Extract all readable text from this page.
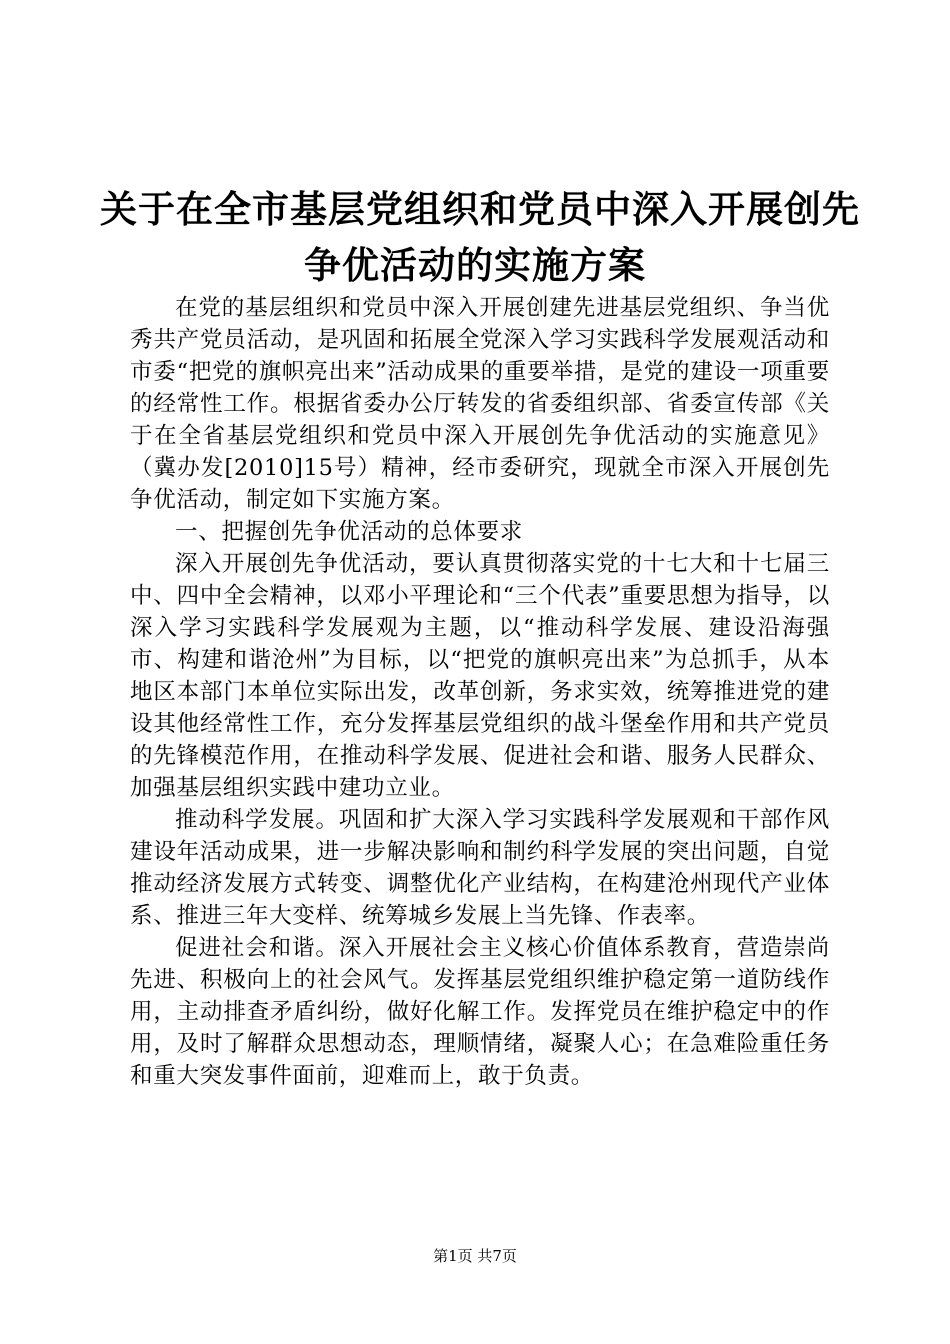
关于在全市基层党组织和党员中深入开展创先
争优活动的实施方案

在党的基层组织和党员中深入开展创建先进基层党组织、争当优秀共产党员活动，是巩固和拓展全党深入学习实践科学发展观活动和市委“把党的旗帜亮出来”活动成果的重要举措，是党的建设一项重要的经常性工作。根据省委办公厅转发的省委组织部、省委宣传部《关于在全省基层党组织和党员中深入开展创先争优活动的实施意见》（冀办发[2010]15号）精神，经市委研究，现就全市深入开展创先争优活动，制定如下实施方案。

一、把握创先争优活动的总体要求

深入开展创先争优活动，要认真贯彻落实党的十七大和十七届三中、四中全会精神，以邓小平理论和“三个代表”重要思想为指导，以深入学习实践科学发展观为主题，以“推动科学发展、建设沿海强市、构建和谐沧州”为目标，以“把党的旗帜亮出来”为总抓手，从本地区本部门本单位实际出发，改革创新，务求实效，统筹推进党的建设其他经常性工作，充分发挥基层党组织的战斗堡垒作用和共产党员的先锋模范作用，在推动科学发展、促进社会和谐、服务人民群众、加强基层组织实践中建功立业。

推动科学发展。巩固和扩大深入学习实践科学发展观和干部作风建设年活动成果，进一步解决影响和制约科学发展的突出问题，自觉推动经济发展方式转变、调整优化产业结构，在构建沧州现代产业体系、推进三年大变样、统筹城乡发展上当先锋、作表率。

促进社会和谐。深入开展社会主义核心价值体系教育，营造崇尚先进、积极向上的社会风气。发挥基层党组织维护稳定第一道防线作用，主动排查矛盾纠纷，做好化解工作。发挥党员在维护稳定中的作用，及时了解群众思想动态，理顺情绪，凝聚人心；在急难险重任务和重大突发事件面前，迎难而上，敢于负责。

第1页 共7页
